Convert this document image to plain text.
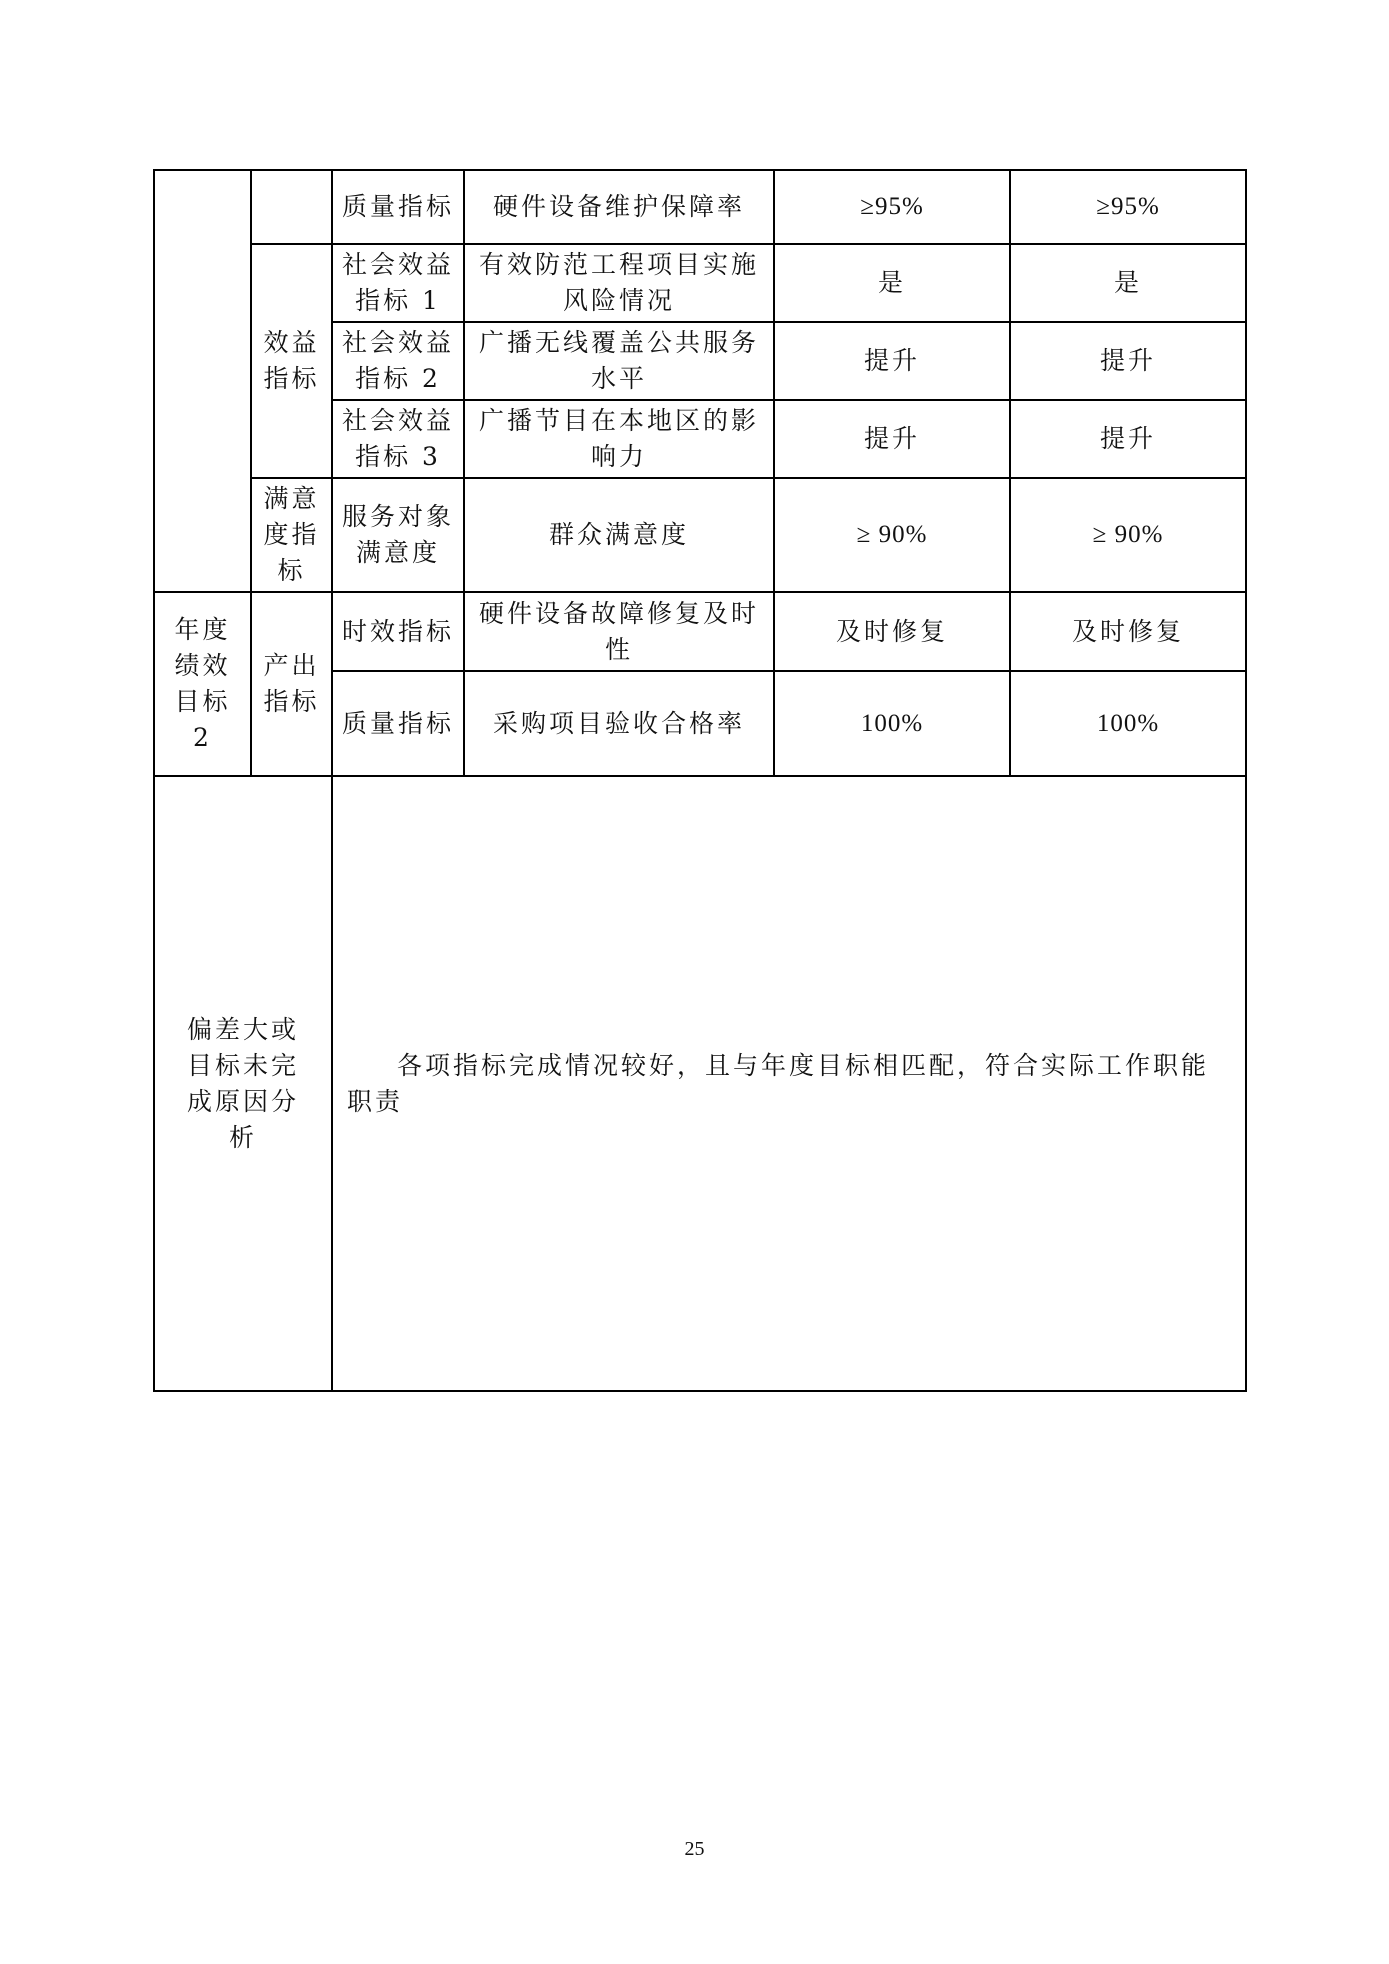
		质量指标	硬件设备维护保障率	≥95%	≥95%
	效益指标	社会效益指标 1	有效防范工程项目实施风险情况	是	是
		社会效益指标 2	广播无线覆盖公共服务水平	提升	提升
		社会效益指标 3	广播节目在本地区的影响力	提升	提升
	满意度指标	服务对象满意度	群众满意度	≥ 90%	≥ 90%
年度绩效目标 2	产出指标	时效指标	硬件设备故障修复及时性	及时修复	及时修复
		质量指标	采购项目验收合格率	100%	100%
偏差大或目标未完成原因分析		各项指标完成情况较好，且与年度目标相匹配，符合实际工作职能职责			
25
